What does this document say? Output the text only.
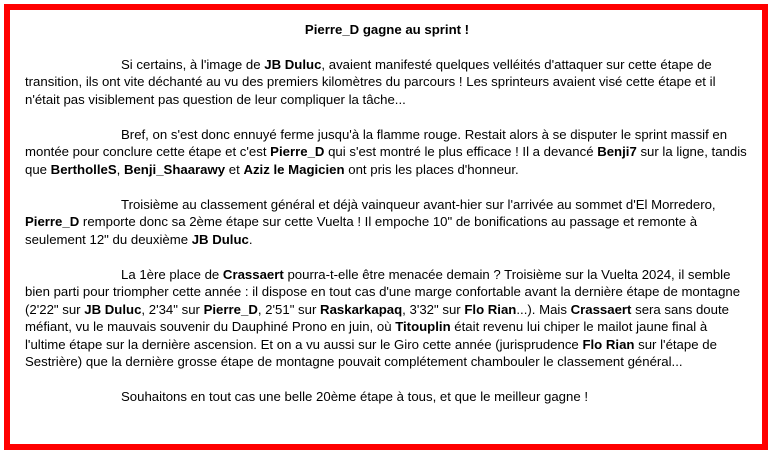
Pierre_D gagne au sprint !

Si certains, à l'image de JB Duluc, avaient manifesté quelques velléités d'attaquer sur cette étape de transition, ils ont vite déchanté au vu des premiers kilomètres du parcours ! Les sprinteurs avaient visé cette étape et il n'était pas visiblement pas question de leur compliquer la tâche...

Bref, on s'est donc ennuyé ferme jusqu'à la flamme rouge. Restait alors à se disputer le sprint massif en montée pour conclure cette étape et c'est Pierre_D qui s'est montré le plus efficace ! Il a devancé Benji7 sur la ligne, tandis que BerthollеS, Benji_Shaarawy et Aziz le Magicien ont pris les places d'honneur.

Troisième au classement général et déjà vainqueur avant-hier sur l'arrivée au sommet d'El Morredero, Pierre_D remporte donc sa 2ème étape sur cette Vuelta ! Il empoche 10" de bonifications au passage et remonte à seulement 12" du deuxième JB Duluc.

La 1ère place de Crassaert pourra-t-elle être menacée demain ? Troisième sur la Vuelta 2024, il semble bien parti pour triompher cette année : il dispose en tout cas d'une marge confortable avant la dernière étape de montagne (2'22" sur JB Duluc, 2'34" sur Pierre_D, 2'51" sur Raskarkapaq, 3'32" sur Flo Rian...). Mais Crassaert sera sans doute méfiant, vu le mauvais souvenir du Dauphiné Prono en juin, où Titouplin était revenu lui chiper le mailot jaune final à l'ultime étape sur la dernière ascension. Et on a vu aussi sur le Giro cette année (jurisprudence Flo Rian sur l'étape de Sestrière) que la dernière grosse étape de montagne pouvait complétement chambouler le classement général...

Souhaitons en tout cas une belle 20ème étape à tous, et que le meilleur gagne !
